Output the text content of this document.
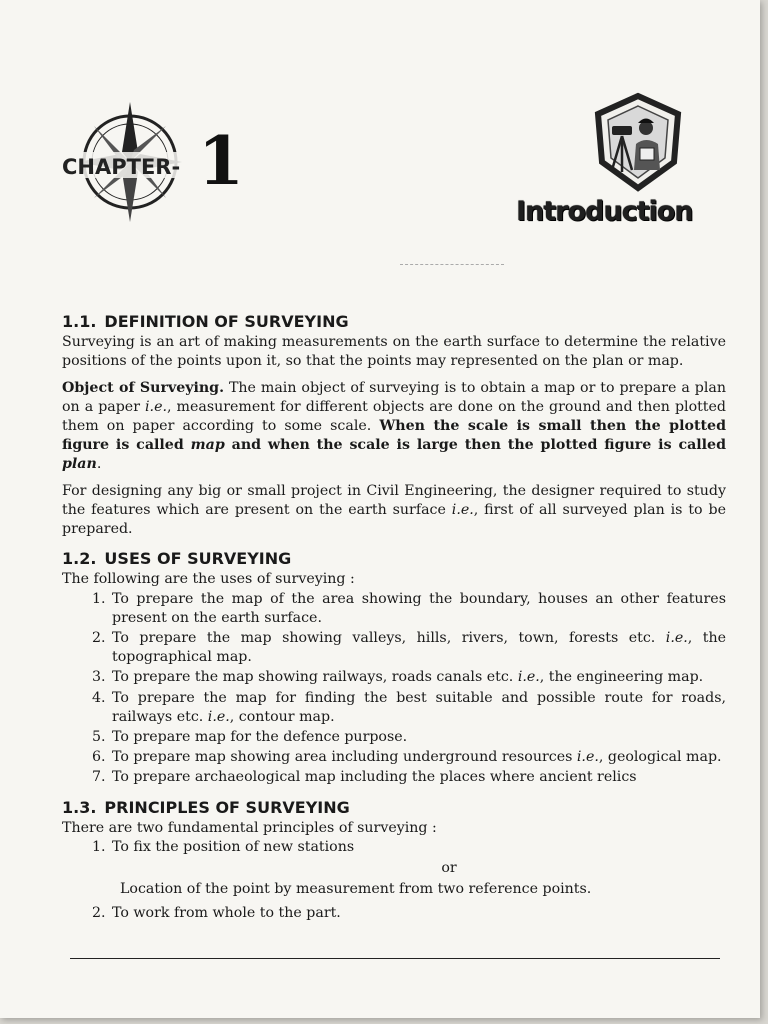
CHAPTER- 1
Introduction
1.1. DEFINITION OF SURVEYING

Surveying is an art of making measurements on the earth surface to determine the relative positions of the points upon it, so that the points may represented on the plan or map.

Object of Surveying. The main object of surveying is to obtain a map or to prepare a plan on a paper i.e., measurement for different objects are done on the ground and then plotted them on paper according to some scale. When the scale is small then the plotted figure is called map and when the scale is large then the plotted figure is called plan.

For designing any big or small project in Civil Engineering, the designer required to study the features which are present on the earth surface i.e., first of all surveyed plan is to be prepared.

1.2. USES OF SURVEYING
The following are the uses of surveying :
1. To prepare the map of the area showing the boundary, houses an other features present on the earth surface.
2. To prepare the map showing valleys, hills, rivers, town, forests etc. i.e., the topographical map.
3. To prepare the map showing railways, roads canals etc. i.e., the engineering map.
4. To prepare the map for finding the best suitable and possible route for roads, railways etc. i.e., contour map.
5. To prepare map for the defence purpose.
6. To prepare map showing area including underground resources i.e., geological map.
7. To prepare archaeological map including the places where ancient relics
1.3. PRINCIPLES OF SURVEYING
There are two fundamental principles of surveying :
1. To fix the position of new stations
or
Location of the point by measurement from two reference points.
2. To work from whole to the part.
